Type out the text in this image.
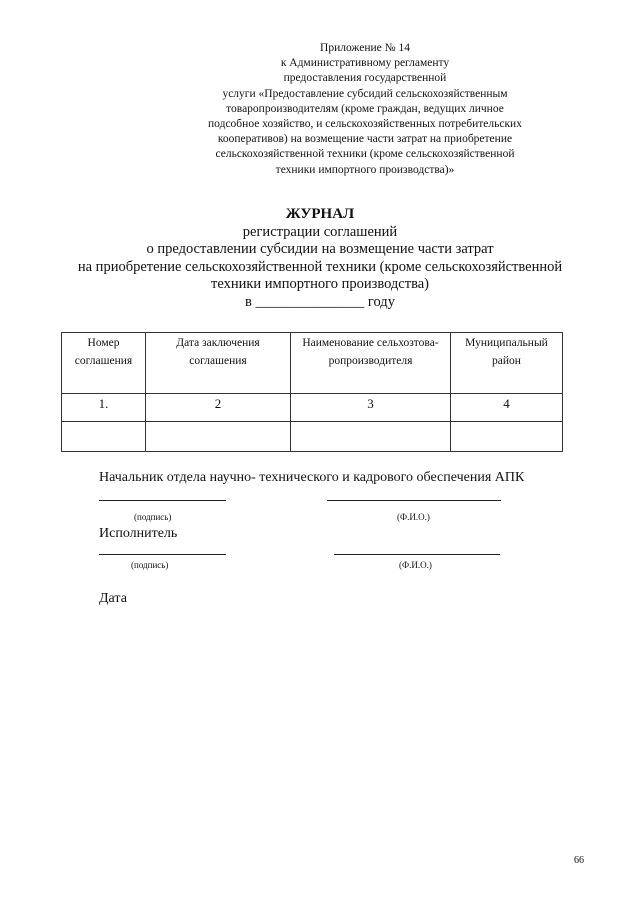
Приложение № 14
к Административному регламенту
предоставления государственной
услуги «Предоставление субсидий сельскохозяйственным
товаропроизводителям (кроме граждан, ведущих личное
подсобное хозяйство, и сельскохозяйственных потребительских
кооперативов) на возмещение части затрат на приобретение
сельскохозяйственной техники (кроме сельскохозяйственной
техники импортного производства)»
ЖУРНАЛ
регистрации соглашений
о предоставлении субсидии на возмещение части затрат
на приобретение сельскохозяйственной техники (кроме сельскохозяйственной
техники импортного производства)
в _______________ году
Номер соглашения	Дата заключения соглашения	Наименование сельхозтова-ропроизводителя	Муниципальный район
1.	2	3	4

Начальник отдела научно- технического и кадрового обеспечения АПК
(подпись)	(Ф.И.О.)
Исполнитель
(подпись)	(Ф.И.О.)
Дата
66
